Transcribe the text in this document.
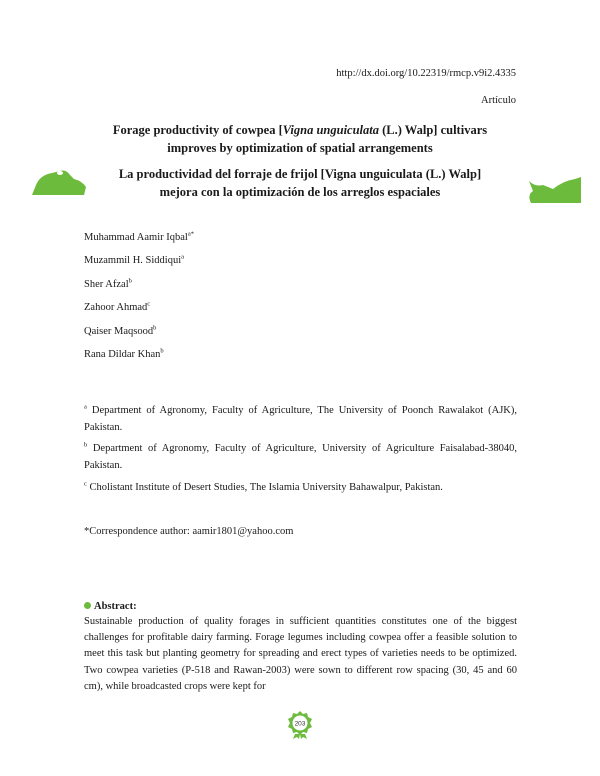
http://dx.doi.org/10.22319/rmcp.v9i2.4335
Artículo
Forage productivity of cowpea [Vigna unguiculata (L.) Walp] cultivars
improves by optimization of spatial arrangements
La productividad del forraje de frijol [Vigna unguiculata (L.) Walp]
mejora con la optimización de los arreglos espaciales
Muhammad Aamir Iqbal$^{a*}$
Muzammil H. Siddiqui$^a$
Sher Afzal$^b$
Zahoor Ahmad$^c$
Qaiser Maqsood$^b$
Rana Dildar Khan$^b$
$^a$ Department of Agronomy, Faculty of Agriculture, The University of Poonch Rawalakot (AJK), Pakistan.
$^b$ Department of Agronomy, Faculty of Agriculture, University of Agriculture Faisalabad-38040, Pakistan.
$^c$ Cholistant Institute of Desert Studies, The Islamia University Bahawalpur, Pakistan.
*Correspondence author: aamir1801@yahoo.com
Abstract:
Sustainable production of quality forages in sufficient quantities constitutes one of the biggest challenges for profitable dairy farming. Forage legumes including cowpea offer a feasible solution to meet this task but planting geometry for spreading and erect types of varieties needs to be optimized. Two cowpea varieties (P-518 and Rawan-2003) were sown to different row spacing (30, 45 and 60 cm), while broadcasted crops were kept for
203
